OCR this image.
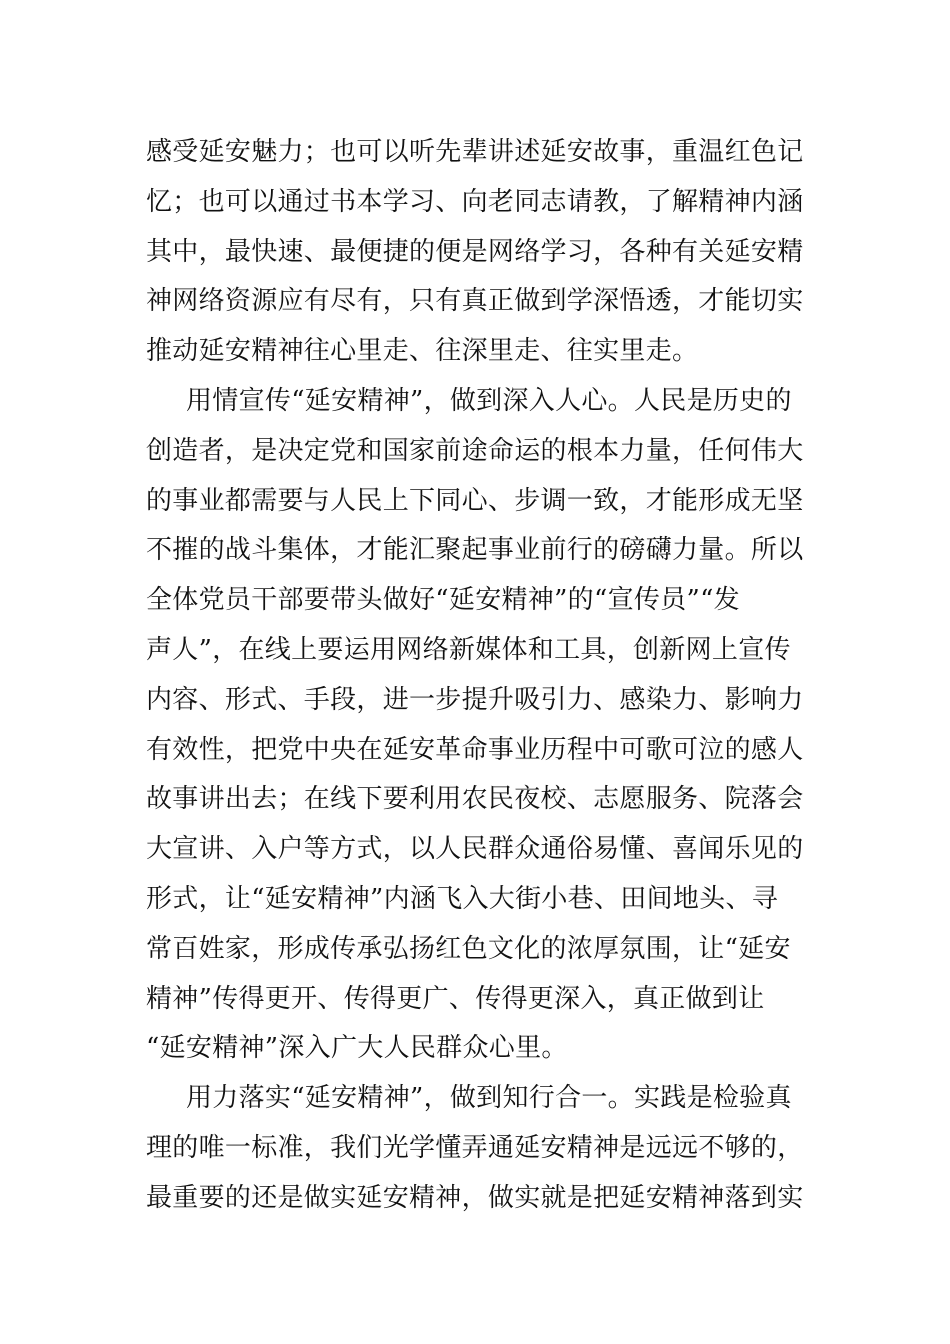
感受延安魅力；也可以听先辈讲述延安故事，重温红色记
忆；也可以通过书本学习、向老同志请教，了解精神内涵
其中，最快速、最便捷的便是网络学习，各种有关延安精
神网络资源应有尽有，只有真正做到学深悟透，才能切实
推动延安精神往心里走、往深里走、往实里走。
用情宣传“延安精神”，做到深入人心。人民是历史的
创造者，是决定党和国家前途命运的根本力量，任何伟大
的事业都需要与人民上下同心、步调一致，才能形成无坚
不摧的战斗集体，才能汇聚起事业前行的磅礴力量。所以
全体党员干部要带头做好“延安精神”的“宣传员”“发
声人”，在线上要运用网络新媒体和工具，创新网上宣传
内容、形式、手段，进一步提升吸引力、感染力、影响力
有效性，把党中央在延安革命事业历程中可歌可泣的感人
故事讲出去；在线下要利用农民夜校、志愿服务、院落会
大宣讲、入户等方式，以人民群众通俗易懂、喜闻乐见的
形式，让“延安精神”内涵飞入大街小巷、田间地头、寻
常百姓家，形成传承弘扬红色文化的浓厚氛围，让“延安
精神”传得更开、传得更广、传得更深入，真正做到让
“延安精神”深入广大人民群众心里。
用力落实“延安精神”，做到知行合一。实践是检验真
理的唯一标准，我们光学懂弄通延安精神是远远不够的，
最重要的还是做实延安精神，做实就是把延安精神落到实
